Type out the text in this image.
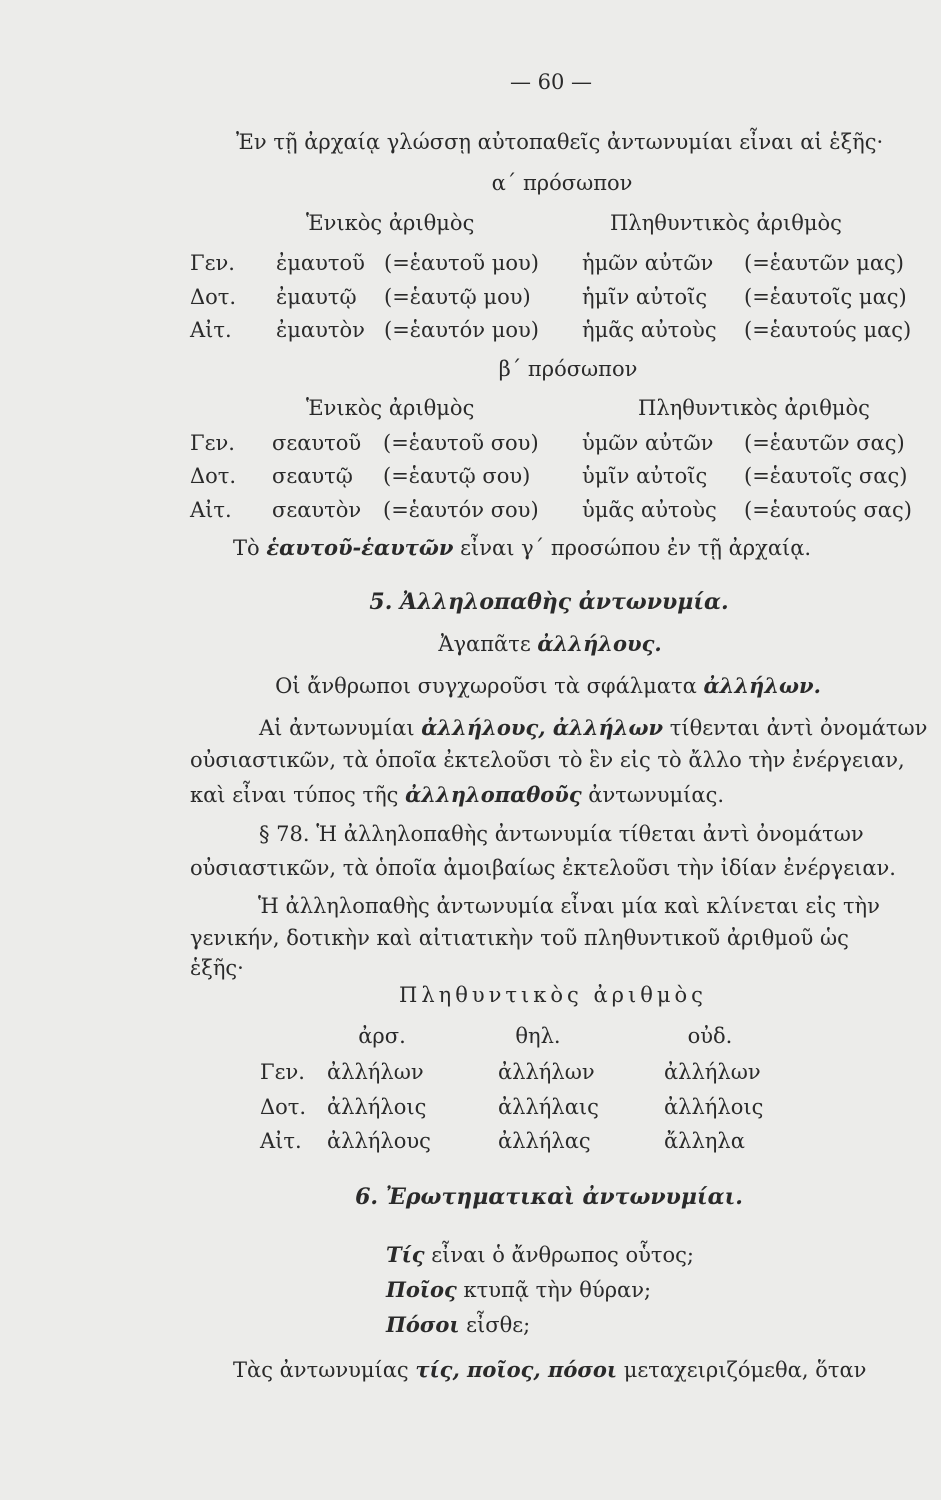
— 60 —
Ἐν τῇ ἀρχαίᾳ γλώσσῃ αὐτοπαθεῖς ἀντωνυμίαι εἶναι αἱ ἑξῆς·
α΄ πρόσωπον
Ἑνικὸς ἀριθμὸς	Πληθυντικὸς ἀριθμὸς
Γεν. ἐμαυτοῦ (=ἑαυτοῦ μου) ἡμῶν αὐτῶν (=ἑαυτῶν μας)
Δοτ. ἐμαυτῷ (=ἑαυτῷ μου) ἡμῖν αὐτοῖς (=ἑαυτοῖς μας)
Αἰτ. ἐμαυτὸν (=ἑαυτόν μου) ἡμᾶς αὐτοὺς (=ἑαυτούς μας)
β΄ πρόσωπον
Ἑνικὸς ἀριθμὸς	Πληθυντικὸς ἀριθμὸς
Γεν. σεαυτοῦ (=ἑαυτοῦ σου) ὑμῶν αὐτῶν (=ἑαυτῶν σας)
Δοτ. σεαυτῷ (=ἑαυτῷ σου) ὑμῖν αὐτοῖς (=ἑαυτοῖς σας)
Αἰτ. σεαυτὸν (=ἑαυτόν σου) ὑμᾶς αὐτοὺς (=ἑαυτούς σας)
Τὸ ἑαυτοῦ-ἑαυτῶν εἶναι γ΄ προσώπου ἐν τῇ ἀρχαίᾳ.
5. Ἀλληλοπαθὴς ἀντωνυμία.
Ἀγαπᾶτε ἀλλήλους.
Οἱ ἄνθρωποι συγχωροῦσι τὰ σφάλματα ἀλλήλων.
Αἱ ἀντωνυμίαι ἀλλήλους, ἀλλήλων τίθενται ἀντὶ ὀνομάτων
οὐσιαστικῶν, τὰ ὁποῖα ἐκτελοῦσι τὸ ἓν εἰς τὸ ἄλλο τὴν ἐνέργειαν,
καὶ εἶναι τύπος τῆς ἀλληλοπαθοῦς ἀντωνυμίας.
§ 78. Ἡ ἀλληλοπαθὴς ἀντωνυμία τίθεται ἀντὶ ὀνομάτων
οὐσιαστικῶν, τὰ ὁποῖα ἀμοιβαίως ἐκτελοῦσι τὴν ἰδίαν ἐνέργειαν.
Ἡ ἀλληλοπαθὴς ἀντωνυμία εἶναι μία καὶ κλίνεται εἰς τὴν
γενικήν, δοτικὴν καὶ αἰτιατικὴν τοῦ πληθυντικοῦ ἀριθμοῦ ὡς
ἑξῆς·
Πληθυντικὸς ἀριθμὸς
ἀρσ.	θηλ.	οὐδ.
Γεν. ἀλλήλων	ἀλλήλων	ἀλλήλων
Δοτ. ἀλλήλοις	ἀλλήλαις	ἀλλήλοις
Αἰτ. ἀλλήλους	ἀλλήλας	ἄλληλα
6. Ἐρωτηματικαὶ ἀντωνυμίαι.
Τίς εἶναι ὁ ἄνθρωπος οὗτος;
Ποῖος κτυπᾷ τὴν θύραν;
Πόσοι εἶσθε;
Τὰς ἀντωνυμίας τίς, ποῖος, πόσοι μεταχειριζόμεθα, ὅταν
